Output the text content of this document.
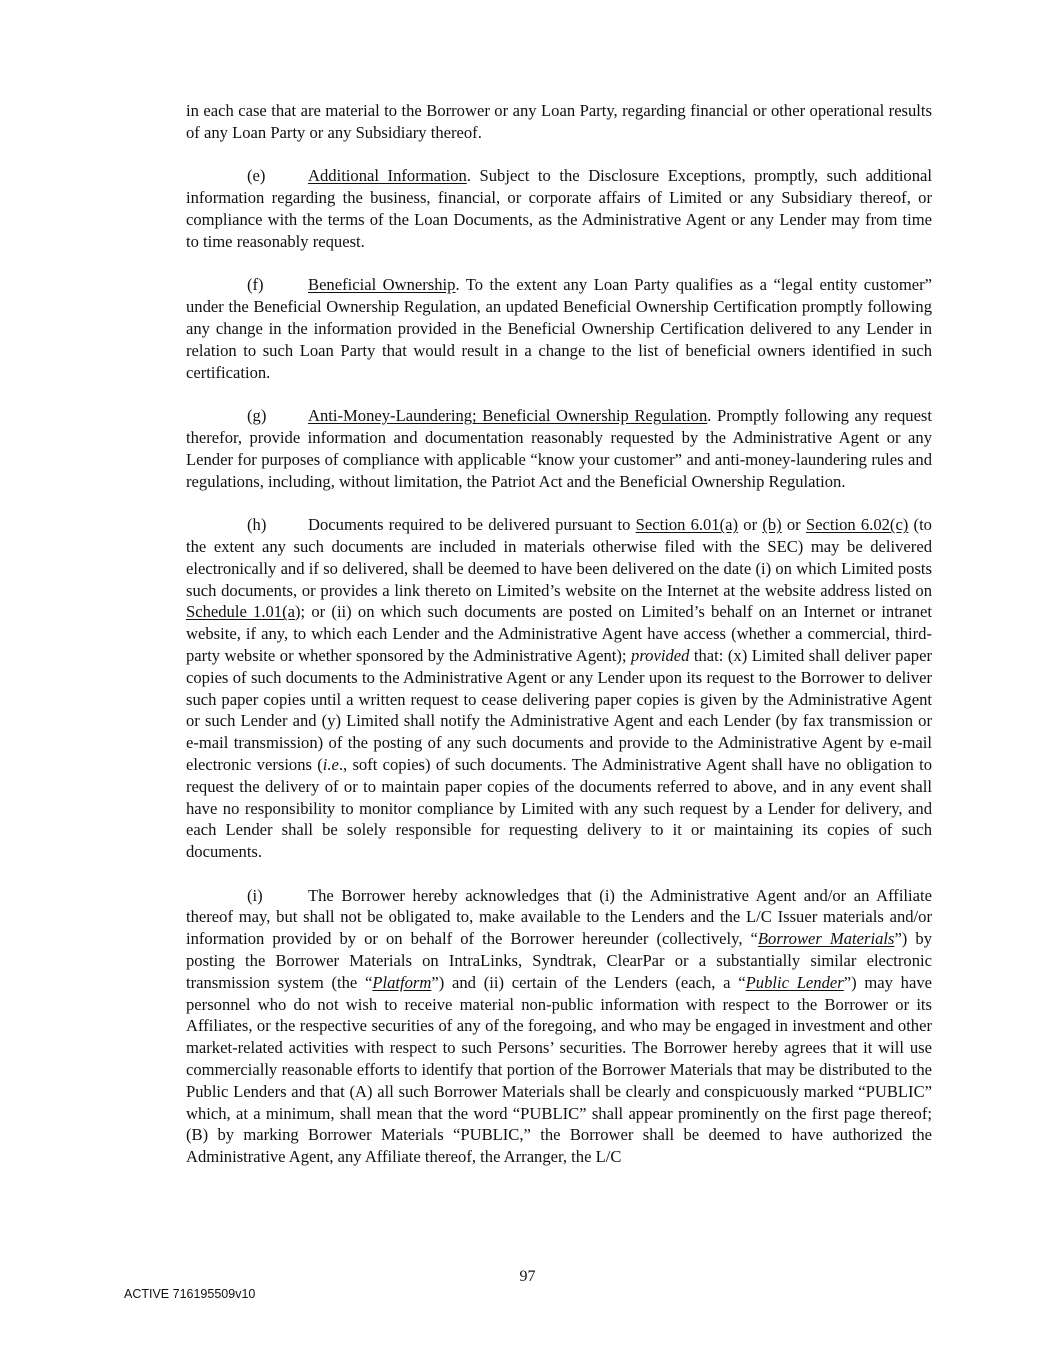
in each case that are material to the Borrower or any Loan Party, regarding financial or other operational results of any Loan Party or any Subsidiary thereof.

(e)	Additional Information. Subject to the Disclosure Exceptions, promptly, such additional information regarding the business, financial, or corporate affairs of Limited or any Subsidiary thereof, or compliance with the terms of the Loan Documents, as the Administrative Agent or any Lender may from time to time reasonably request.

(f)	Beneficial Ownership. To the extent any Loan Party qualifies as a “legal entity customer” under the Beneficial Ownership Regulation, an updated Beneficial Ownership Certification promptly following any change in the information provided in the Beneficial Ownership Certification delivered to any Lender in relation to such Loan Party that would result in a change to the list of beneficial owners identified in such certification.

(g)	Anti-Money-Laundering; Beneficial Ownership Regulation. Promptly following any request therefor, provide information and documentation reasonably requested by the Administrative Agent or any Lender for purposes of compliance with applicable “know your customer” and anti-money-laundering rules and regulations, including, without limitation, the Patriot Act and the Beneficial Ownership Regulation.

(h)	Documents required to be delivered pursuant to Section 6.01(a) or (b) or Section 6.02(c) (to the extent any such documents are included in materials otherwise filed with the SEC) may be delivered electronically and if so delivered, shall be deemed to have been delivered on the date (i) on which Limited posts such documents, or provides a link thereto on Limited’s website on the Internet at the website address listed on Schedule 1.01(a); or (ii) on which such documents are posted on Limited’s behalf on an Internet or intranet website, if any, to which each Lender and the Administrative Agent have access (whether a commercial, third-party website or whether sponsored by the Administrative Agent); provided that: (x) Limited shall deliver paper copies of such documents to the Administrative Agent or any Lender upon its request to the Borrower to deliver such paper copies until a written request to cease delivering paper copies is given by the Administrative Agent or such Lender and (y) Limited shall notify the Administrative Agent and each Lender (by fax transmission or e-mail transmission) of the posting of any such documents and provide to the Administrative Agent by e-mail electronic versions (i.e., soft copies) of such documents. The Administrative Agent shall have no obligation to request the delivery of or to maintain paper copies of the documents referred to above, and in any event shall have no responsibility to monitor compliance by Limited with any such request by a Lender for delivery, and each Lender shall be solely responsible for requesting delivery to it or maintaining its copies of such documents.

(i)	The Borrower hereby acknowledges that (i) the Administrative Agent and/or an Affiliate thereof may, but shall not be obligated to, make available to the Lenders and the L/C Issuer materials and/or information provided by or on behalf of the Borrower hereunder (collectively, “Borrower Materials”) by posting the Borrower Materials on IntraLinks, Syndtrak, ClearPar or a substantially similar electronic transmission system (the “Platform”) and (ii) certain of the Lenders (each, a “Public Lender”) may have personnel who do not wish to receive material non-public information with respect to the Borrower or its Affiliates, or the respective securities of any of the foregoing, and who may be engaged in investment and other market-related activities with respect to such Persons’ securities. The Borrower hereby agrees that it will use commercially reasonable efforts to identify that portion of the Borrower Materials that may be distributed to the Public Lenders and that (A) all such Borrower Materials shall be clearly and conspicuously marked “PUBLIC” which, at a minimum, shall mean that the word “PUBLIC” shall appear prominently on the first page thereof; (B) by marking Borrower Materials “PUBLIC,” the Borrower shall be deemed to have authorized the Administrative Agent, any Affiliate thereof, the Arranger, the L/C

97
ACTIVE 716195509v10
